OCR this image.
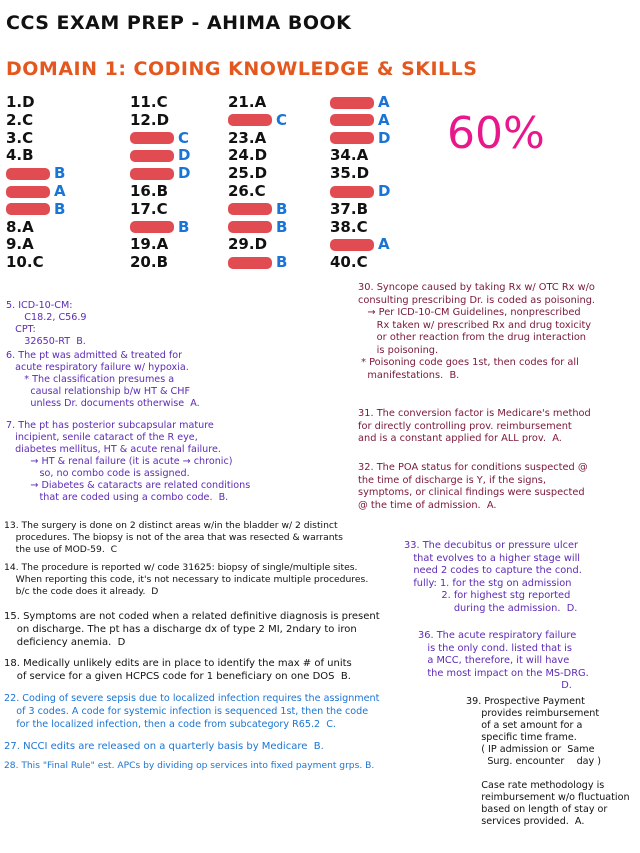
CCS EXAM PREP - AHIMA BOOK
DOMAIN 1: CODING KNOWLEDGE & SKILLS
60%
1.D
2.C
3.C
4.B
B
A
B
8.A
9.A
10.C
11.C
12.D
C
D
D
16.B
17.C
B
19.A
20.B
21.A
C
23.A
24.D
25.D
26.C
B
B
29.D
B
A
A
D
34.A
35.D
D
37.B
38.C
A
40.C
5. ICD-10-CM:
C18.2, C56.9
CPT:
32650-RT  B.
6. The pt was admitted & treated for
acute respiratory failure w/ hypoxia.
* The classification presumes a
causal relationship b/w HT & CHF
unless Dr. documents otherwise  A.
7. The pt has posterior subcapsular mature
incipient, senile cataract of the R eye,
diabetes mellitus, HT & acute renal failure.
→ HT & renal failure (it is acute → chronic)
so, no combo code is assigned.
→ Diabetes & cataracts are related conditions
that are coded using a combo code.  B.
13. The surgery is done on 2 distinct areas w/in the bladder w/ 2 distinct
procedures. The biopsy is not of the area that was resected & warrants
the use of MOD-59.  C
14. The procedure is reported w/ code 31625: biopsy of single/multiple sites.
When reporting this code, it's not necessary to indicate multiple procedures.
b/c the code does it already.  D
15. Symptoms are not coded when a related definitive diagnosis is present
on discharge. The pt has a discharge dx of type 2 MI, 2ndary to iron
deficiency anemia.  D
18. Medically unlikely edits are in place to identify the max # of units
of service for a given HCPCS code for 1 beneficiary on one DOS  B.
22. Coding of severe sepsis due to localized infection requires the assignment
of 3 codes. A code for systemic infection is sequenced 1st, then the code
for the localized infection, then a code from subcategory R65.2  C.
27. NCCI edits are released on a quarterly basis by Medicare  B.
28. This "Final Rule" est. APCs by dividing op services into fixed payment grps. B.
30. Syncope caused by taking Rx w/ OTC Rx w/o
consulting prescribing Dr. is coded as poisoning.
→ Per ICD-10-CM Guidelines, nonprescribed
Rx taken w/ prescribed Rx and drug toxicity
or other reaction from the drug interaction
is poisoning.
* Poisoning code goes 1st, then codes for all
manifestations.  B.
31. The conversion factor is Medicare's method
for directly controlling prov. reimbursement
and is a constant applied for ALL prov.  A.
32. The POA status for conditions suspected @
the time of discharge is Y, if the signs,
symptoms, or clinical findings were suspected
@ the time of admission.  A.
33. The decubitus or pressure ulcer
that evolves to a higher stage will
need 2 codes to capture the cond.
fully: 1. for the stg on admission
2. for highest stg reported
during the admission.  D.
36. The acute respiratory failure
is the only cond. listed that is
a MCC, therefore, it will have
the most impact on the MS-DRG.
D.
39. Prospective Payment
provides reimbursement
of a set amount for a
specific time frame.
( IP admission or  Same
Surg. encounter    day )

Case rate methodology is
reimbursement w/o fluctuation
based on length of stay or
services provided.  A.
